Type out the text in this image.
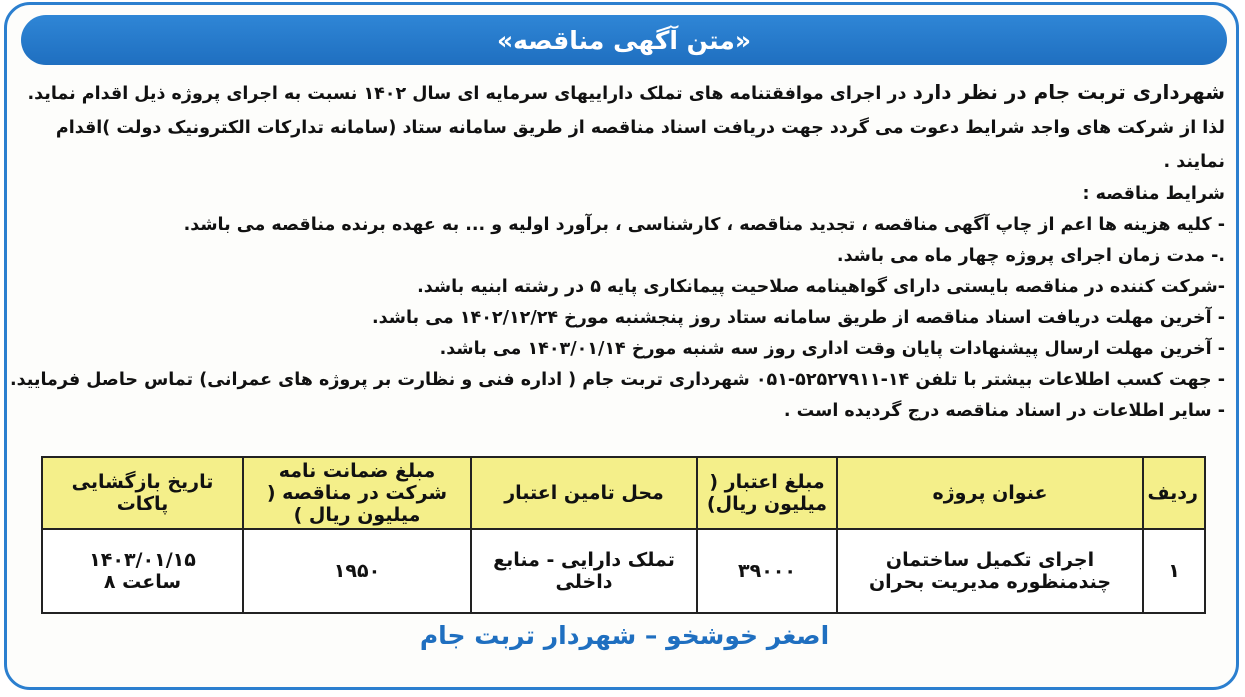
«متن آگهی مناقصه»
شهرداری تربت جام در نظر دارد در اجرای موافقتنامه های تملک داراییهای سرمایه ای سال ۱۴۰۲ نسبت به اجرای پروژه ذیل اقدام نماید. لذا از شرکت های واجد شرایط دعوت می گردد جهت دریافت اسناد مناقصه از طریق سامانه ستاد (سامانه تدارکات الکترونیک دولت )اقدام نمایند .
شرایط مناقصه :
- کلیه هزینه ها اعم از چاپ آگهی مناقصه ، تجدید مناقصه ، کارشناسی ، برآورد اولیه و ... به عهده برنده مناقصه می باشد.
.- مدت زمان اجرای پروژه چهار ماه می باشد.
-شرکت کننده در مناقصه بایستی دارای گواهینامه صلاحیت پیمانکاری پایه ۵ در رشته ابنیه باشد.
- آخرین مهلت دریافت اسناد مناقصه از طریق سامانه ستاد روز پنجشنبه مورخ ۱۴۰۲/۱۲/۲۴ می باشد.
- آخرین مهلت ارسال پیشنهادات پایان وقت اداری روز سه شنبه مورخ ۱۴۰۳/۰۱/۱۴ می باشد.
- جهت کسب اطلاعات بیشتر با تلفن ۱۴-۵۲۵۲۷۹۱۱-۰۵۱ شهرداری تربت جام ( اداره فنی و نظارت بر پروژه های عمرانی) تماس حاصل فرمایید.
- سایر اطلاعات در اسناد مناقصه درج گردیده است .
ردیف	عنوان پروژه	مبلغ اعتبار ( میلیون ریال)	محل تامین اعتبار	مبلغ ضمانت نامه شرکت در مناقصه ( میلیون ریال )	تاریخ بازگشایی پاکات
۱	اجرای تکمیل ساختمان چندمنظوره مدیریت بحران	۳۹۰۰۰	تملک دارایی - منابع داخلی	۱۹۵۰	۱۴۰۳/۰۱/۱۵
ساعت ۸
اصغر خوشخو – شهردار تربت جام
